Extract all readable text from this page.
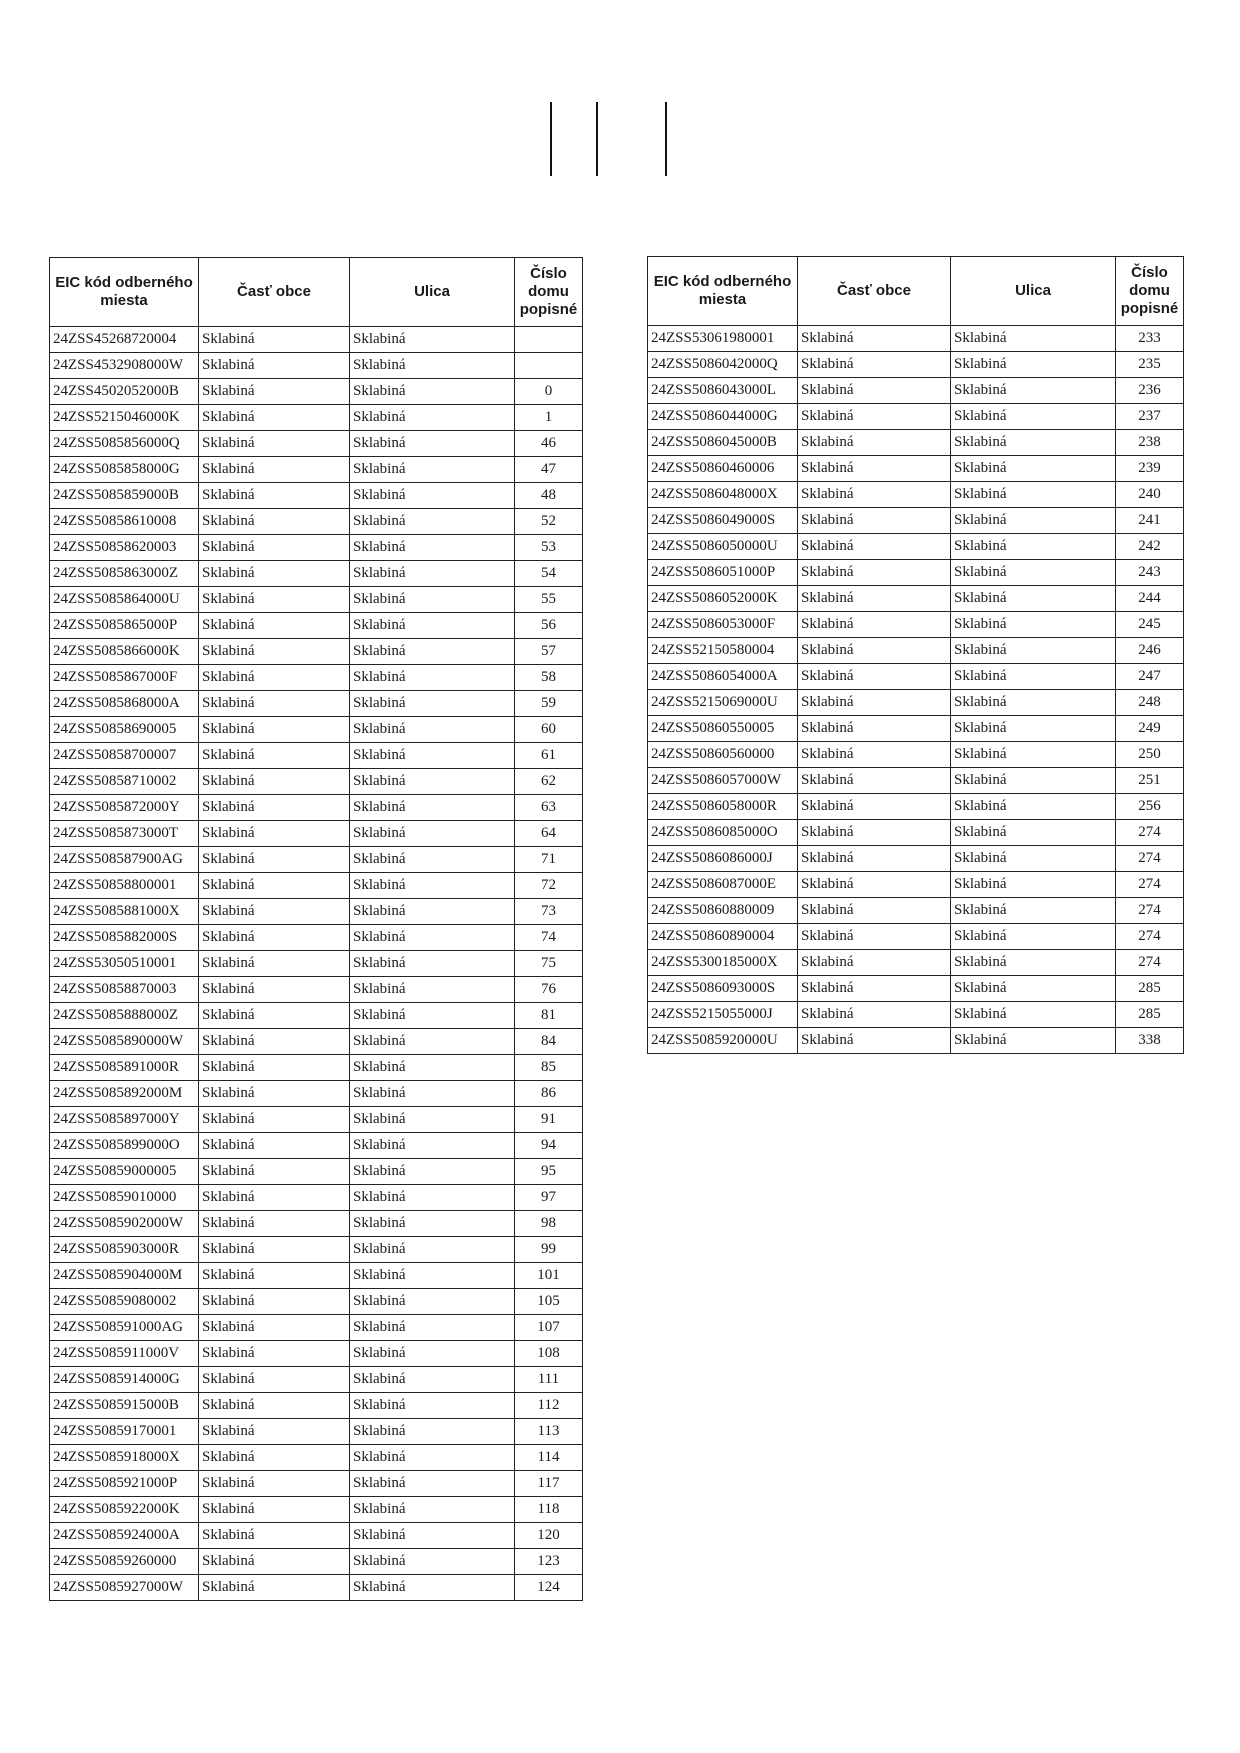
EIC kód odberného miesta	Časť obce	Ulica	Číslo domu popisné
24ZSS45268720004	Sklabiná	Sklabiná	
24ZSS4532908000W	Sklabiná	Sklabiná	
24ZSS4502052000B	Sklabiná	Sklabiná	0
24ZSS5215046000K	Sklabiná	Sklabiná	1
24ZSS5085856000Q	Sklabiná	Sklabiná	46
24ZSS5085858000G	Sklabiná	Sklabiná	47
24ZSS5085859000B	Sklabiná	Sklabiná	48
24ZSS50858610008	Sklabiná	Sklabiná	52
24ZSS50858620003	Sklabiná	Sklabiná	53
24ZSS5085863000Z	Sklabiná	Sklabiná	54
24ZSS5085864000U	Sklabiná	Sklabiná	55
24ZSS5085865000P	Sklabiná	Sklabiná	56
24ZSS5085866000K	Sklabiná	Sklabiná	57
24ZSS5085867000F	Sklabiná	Sklabiná	58
24ZSS5085868000A	Sklabiná	Sklabiná	59
24ZSS50858690005	Sklabiná	Sklabiná	60
24ZSS50858700007	Sklabiná	Sklabiná	61
24ZSS50858710002	Sklabiná	Sklabiná	62
24ZSS5085872000Y	Sklabiná	Sklabiná	63
24ZSS5085873000T	Sklabiná	Sklabiná	64
24ZSS508587900AG	Sklabiná	Sklabiná	71
24ZSS50858800001	Sklabiná	Sklabiná	72
24ZSS5085881000X	Sklabiná	Sklabiná	73
24ZSS5085882000S	Sklabiná	Sklabiná	74
24ZSS53050510001	Sklabiná	Sklabiná	75
24ZSS50858870003	Sklabiná	Sklabiná	76
24ZSS5085888000Z	Sklabiná	Sklabiná	81
24ZSS5085890000W	Sklabiná	Sklabiná	84
24ZSS5085891000R	Sklabiná	Sklabiná	85
24ZSS5085892000M	Sklabiná	Sklabiná	86
24ZSS5085897000Y	Sklabiná	Sklabiná	91
24ZSS5085899000O	Sklabiná	Sklabiná	94
24ZSS50859000005	Sklabiná	Sklabiná	95
24ZSS50859010000	Sklabiná	Sklabiná	97
24ZSS5085902000W	Sklabiná	Sklabiná	98
24ZSS5085903000R	Sklabiná	Sklabiná	99
24ZSS5085904000M	Sklabiná	Sklabiná	101
24ZSS50859080002	Sklabiná	Sklabiná	105
24ZSS508591000AG	Sklabiná	Sklabiná	107
24ZSS5085911000V	Sklabiná	Sklabiná	108
24ZSS5085914000G	Sklabiná	Sklabiná	111
24ZSS5085915000B	Sklabiná	Sklabiná	112
24ZSS50859170001	Sklabiná	Sklabiná	113
24ZSS5085918000X	Sklabiná	Sklabiná	114
24ZSS5085921000P	Sklabiná	Sklabiná	117
24ZSS5085922000K	Sklabiná	Sklabiná	118
24ZSS5085924000A	Sklabiná	Sklabiná	120
24ZSS50859260000	Sklabiná	Sklabiná	123
24ZSS5085927000W	Sklabiná	Sklabiná	124
EIC kód odberného miesta	Časť obce	Ulica	Číslo domu popisné
24ZSS53061980001	Sklabiná	Sklabiná	233
24ZSS5086042000Q	Sklabiná	Sklabiná	235
24ZSS5086043000L	Sklabiná	Sklabiná	236
24ZSS5086044000G	Sklabiná	Sklabiná	237
24ZSS5086045000B	Sklabiná	Sklabiná	238
24ZSS50860460006	Sklabiná	Sklabiná	239
24ZSS5086048000X	Sklabiná	Sklabiná	240
24ZSS5086049000S	Sklabiná	Sklabiná	241
24ZSS5086050000U	Sklabiná	Sklabiná	242
24ZSS5086051000P	Sklabiná	Sklabiná	243
24ZSS5086052000K	Sklabiná	Sklabiná	244
24ZSS5086053000F	Sklabiná	Sklabiná	245
24ZSS52150580004	Sklabiná	Sklabiná	246
24ZSS5086054000A	Sklabiná	Sklabiná	247
24ZSS5215069000U	Sklabiná	Sklabiná	248
24ZSS50860550005	Sklabiná	Sklabiná	249
24ZSS50860560000	Sklabiná	Sklabiná	250
24ZSS5086057000W	Sklabiná	Sklabiná	251
24ZSS5086058000R	Sklabiná	Sklabiná	256
24ZSS5086085000O	Sklabiná	Sklabiná	274
24ZSS5086086000J	Sklabiná	Sklabiná	274
24ZSS5086087000E	Sklabiná	Sklabiná	274
24ZSS50860880009	Sklabiná	Sklabiná	274
24ZSS50860890004	Sklabiná	Sklabiná	274
24ZSS5300185000X	Sklabiná	Sklabiná	274
24ZSS5086093000S	Sklabiná	Sklabiná	285
24ZSS5215055000J	Sklabiná	Sklabiná	285
24ZSS5085920000U	Sklabiná	Sklabiná	338
